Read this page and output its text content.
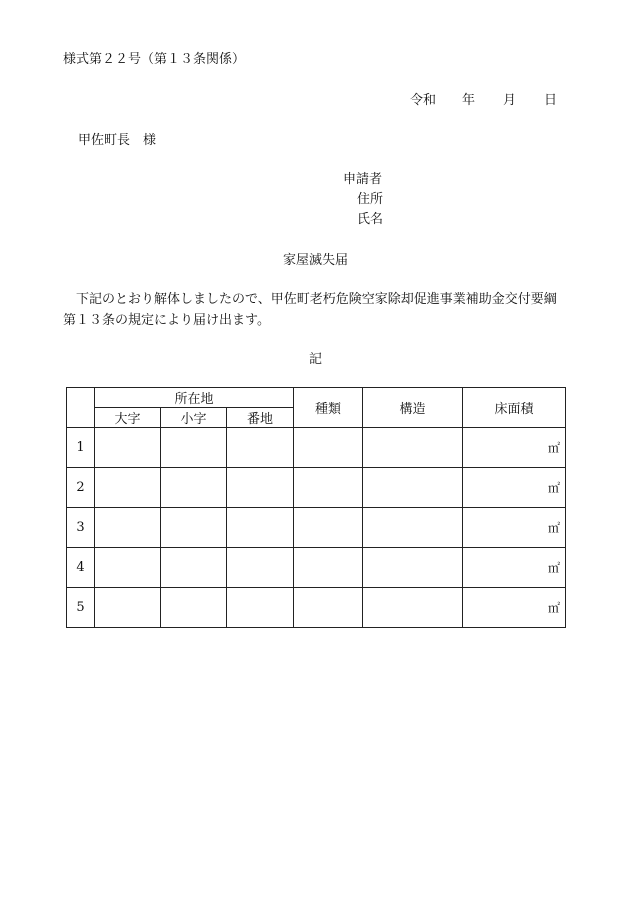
様式第２２号（第１３条関係）
令和 年 月 日
甲佐町長　様
申請者
住所
氏名
家屋滅失届
下記のとおり解体しましたので、甲佐町老朽危険空家除却促進事業補助金交付要綱
第１３条の規定により届け出ます。
記
	所在地			種類	構造	床面積
	大字	小字	番地			
1						㎡
2						㎡
3						㎡
4						㎡
5						㎡
